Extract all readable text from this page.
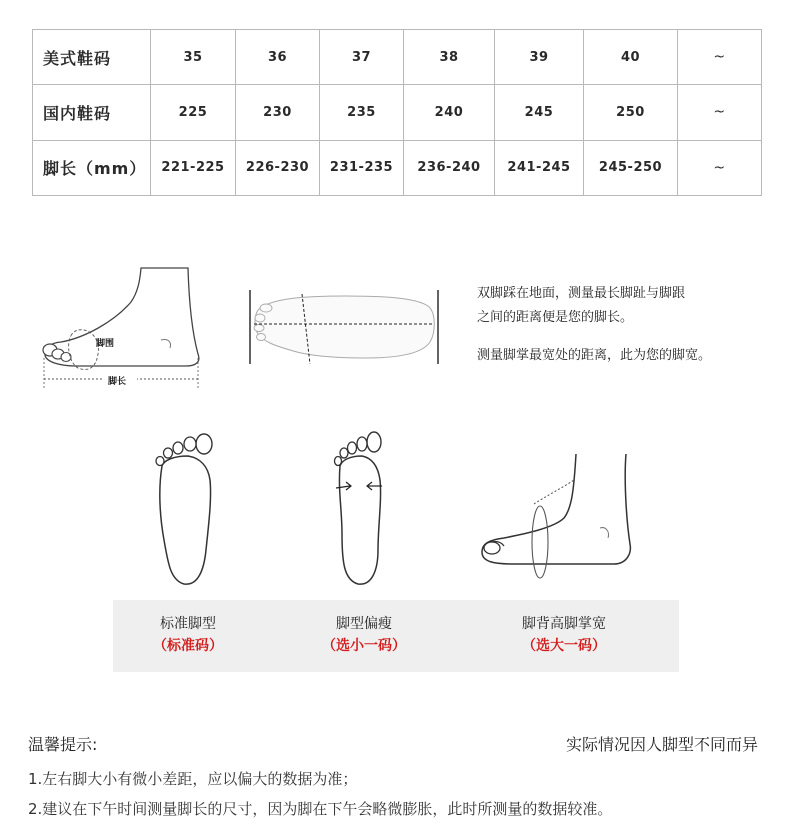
美式鞋码	35	36	37	38	39	40	~
国内鞋码	225	230	235	240	245	250	~
脚长（mm）	221-225	226-230	231-235	236-240	241-245	245-250	~
脚围
脚长
双脚踩在地面，测量最长脚趾与脚跟
之间的距离便是您的脚长。
测量脚掌最宽处的距离，此为您的脚宽。
标准脚型
（标准码）
脚型偏瘦
（选小一码）
脚背高脚掌宽
（选大一码）
温馨提示:	实际情况因人脚型不同而异
1.左右脚大小有微小差距，应以偏大的数据为准；
2.建议在下午时间测量脚长的尺寸，因为脚在下午会略微膨胀，此时所测量的数据较准。
